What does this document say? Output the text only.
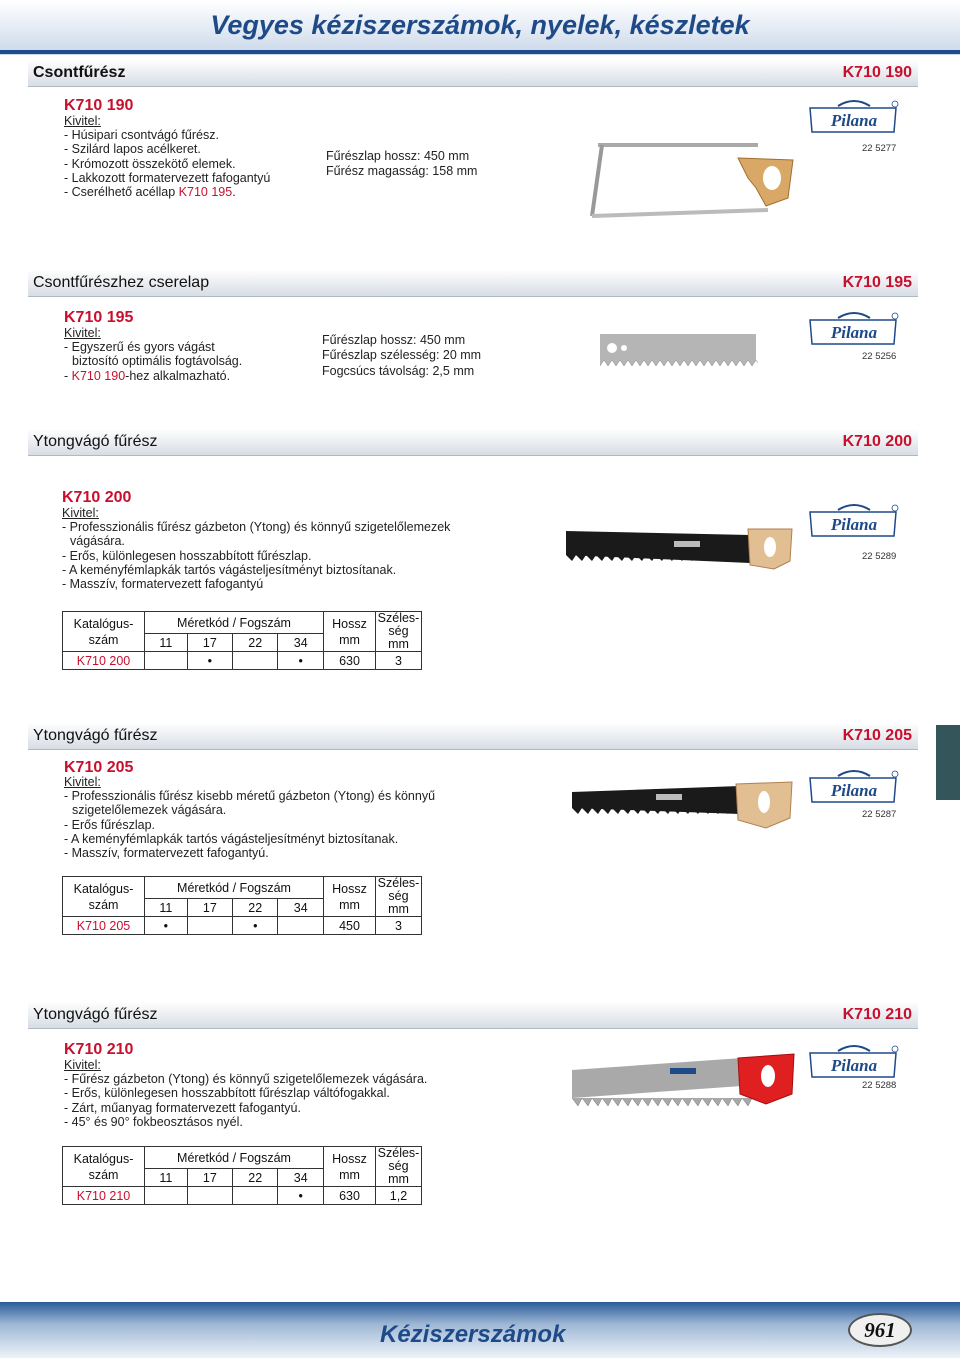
Vegyes kéziszerszámok, nyelek, készletek
Csontfűrész	K710 190
K710 190
Kivitel:
- Húsipari csontvágó fűrész.
- Szilárd lapos acélkeret.
- Krómozott összekötő elemek.
- Lakkozott formatervezett fafogantyú
- Cserélhető acéllap K710 195.
Fűrészlap hossz: 450 mm
Fűrész magasság: 158 mm
Pilana
22 5277
Csontfűrészhez cserelap	K710 195
K710 195
Kivitel:
- Egyszerű és gyors vágást
biztosító optimális fogtávolság.
- K710 190-hez alkalmazható.
Fűrészlap hossz: 450 mm
Fűrészlap szélesség: 20 mm
Fogcsúcs távolság: 2,5 mm
Pilana
22 5256
Ytongvágó fűrész	K710 200
K710 200
Kivitel:
- Professzionális fűrész gázbeton (Ytong) és könnyű szigetelőlemezek
vágására.
- Erős, különlegesen hosszabbított fűrészlap.
- A keményfémlapkák tartós vágásteljesítményt biztosítanak.
- Masszív, formatervezett fafogantyú
Pilana
22 5289
Katalógus-
szám	Méretkód / Fogszám				Hossz
mm	Széles-
ség
mm
	11	17	22	34		
K710 200		•		•	630	3
Ytongvágó fűrész	K710 205
K710 205
Kivitel:
- Professzionális fűrész kisebb méretű gázbeton (Ytong) és könnyű
szigetelőlemezek vágására.
- Erős fűrészlap.
- A keményfémlapkák tartós vágásteljesítményt biztosítanak.
- Masszív, formatervezett fafogantyú.
Pilana
22 5287
Katalógus-
szám	Méretkód / Fogszám				Hossz
mm	Széles-
ség
mm
	11	17	22	34		
K710 205	•		•		450	3
Ytongvágó fűrész	K710 210
K710 210
Kivitel:
- Fűrész gázbeton (Ytong) és könnyű szigetelőlemezek vágására.
- Erős, különlegesen hosszabbított fűrészlap váltófogakkal.
- Zárt, műanyag formatervezett fafogantyú.
- 45° és 90° fokbeosztásos nyél.
Pilana
22 5288
Katalógus-
szám	Méretkód / Fogszám				Hossz
mm	Széles-
ség
mm
	11	17	22	34		
K710 210				•	630	1,2
Kéziszerszámok	961
